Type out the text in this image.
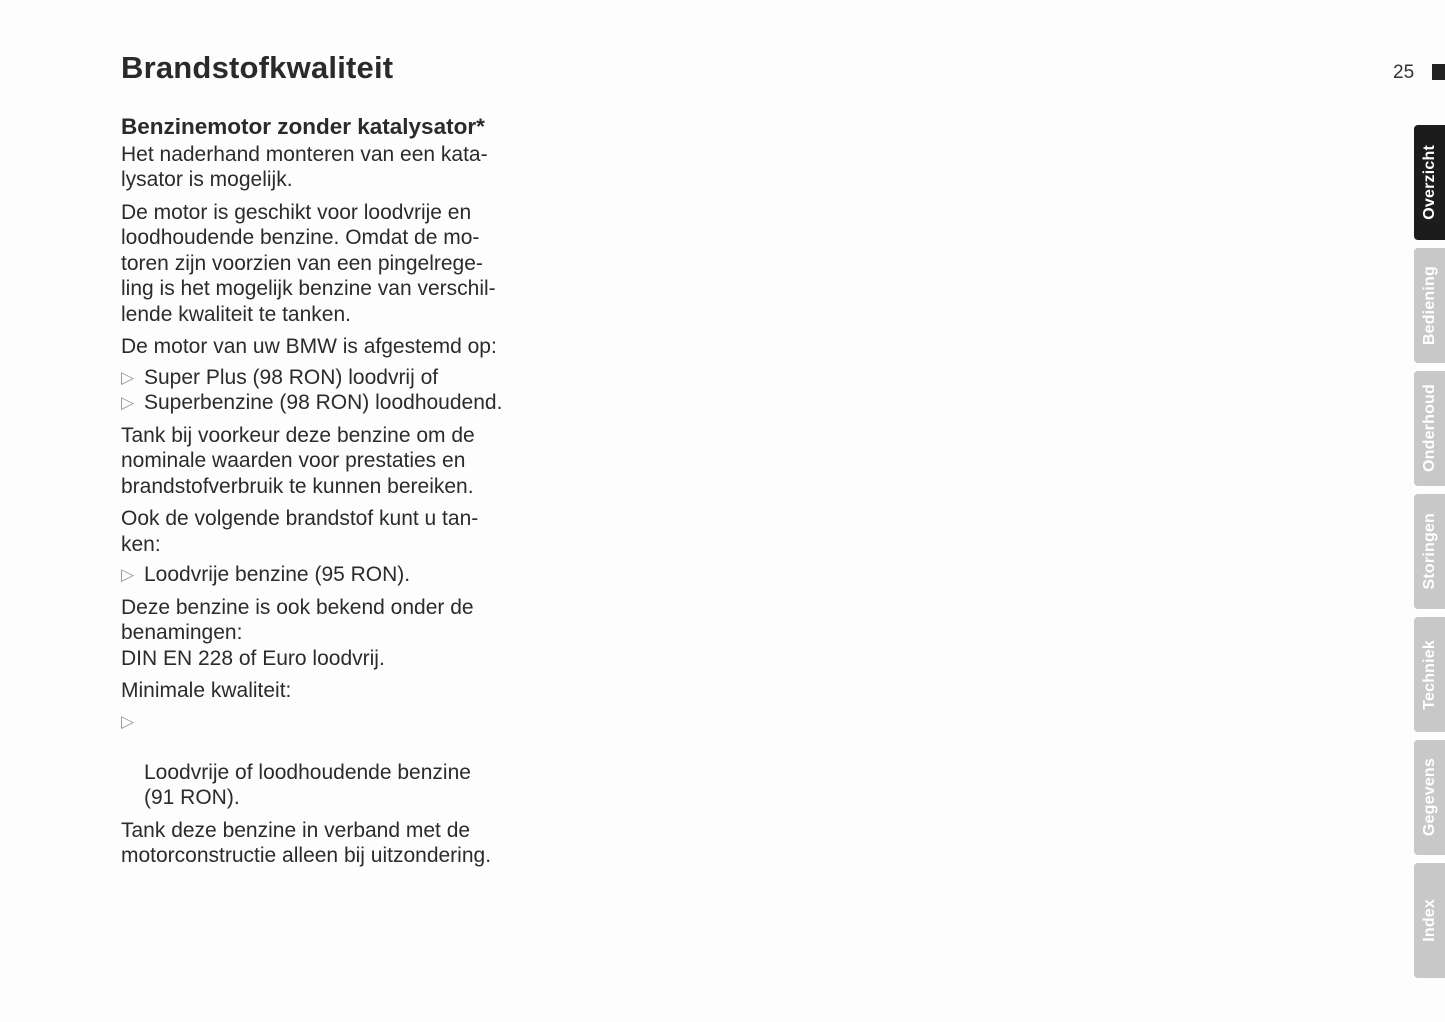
Brandstofkwaliteit	25
Benzinemotor zonder katalysator*

Het naderhand monteren van een kata-
lysator is mogelijk.

De motor is geschikt voor loodvrije en
loodhoudende benzine. Omdat de mo-
toren zijn voorzien van een pingelrege-
ling is het mogelijk benzine van verschil-
lende kwaliteit te tanken.

De motor van uw BMW is afgestemd op:

▷ Super Plus (98 RON) loodvrij of
▷ Superbenzine (98 RON) loodhoudend.

Tank bij voorkeur deze benzine om de
nominale waarden voor prestaties en
brandstofverbruik te kunnen bereiken.

Ook de volgende brandstof kunt u tan-
ken:

▷ Loodvrije benzine (95 RON).

Deze benzine is ook bekend onder de
benamingen:
DIN EN 228 of Euro loodvrij.

Minimale kwaliteit:

▷

Loodvrije of loodhoudende benzine
(91 RON).

Tank deze benzine in verband met de
motorconstructie alleen bij uitzondering.

Overzicht
Bediening
Onderhoud
Storingen
Techniek
Gegevens
Index
